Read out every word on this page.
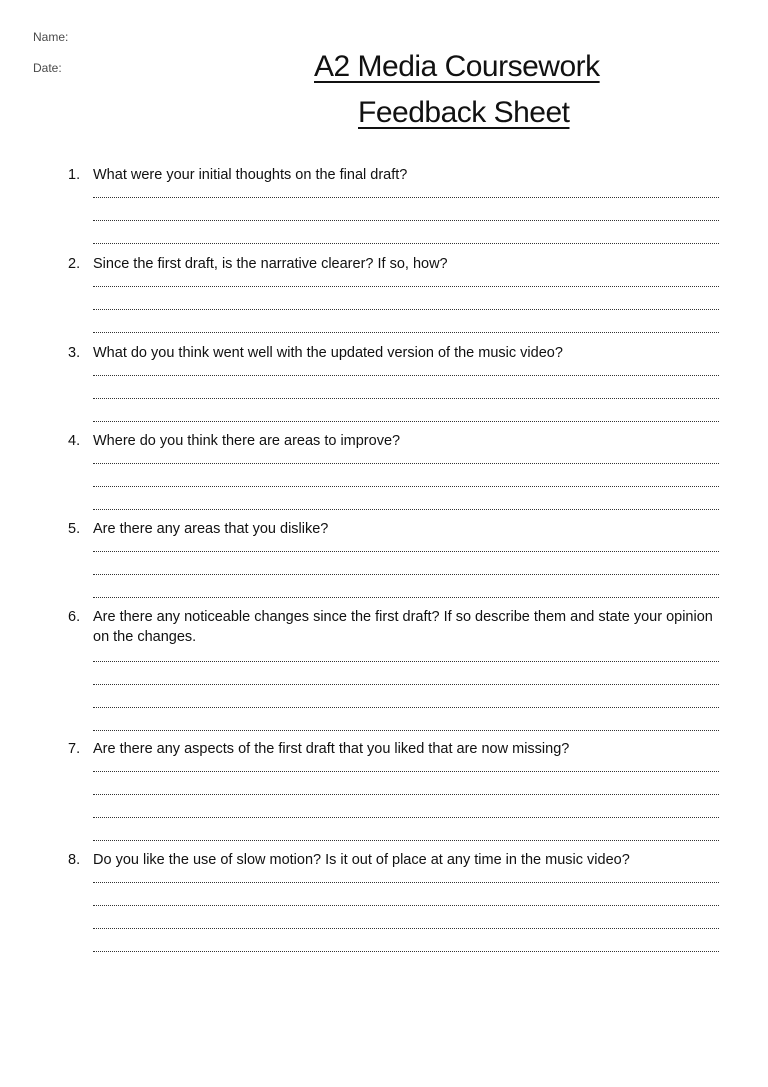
Name:
Date:	A2 Media Coursework
Feedback Sheet
1. What were your initial thoughts on the final draft?
2. Since the first draft, is the narrative clearer? If so, how?
3. What do you think went well with the updated version of the music video?
4. Where do you think there are areas to improve?
5. Are there any areas that you dislike?
6. Are there any noticeable changes since the first draft? If so describe them and state your opinion on the changes.
7. Are there any aspects of the first draft that you liked that are now missing?
8. Do you like the use of slow motion? Is it out of place at any time in the music video?
